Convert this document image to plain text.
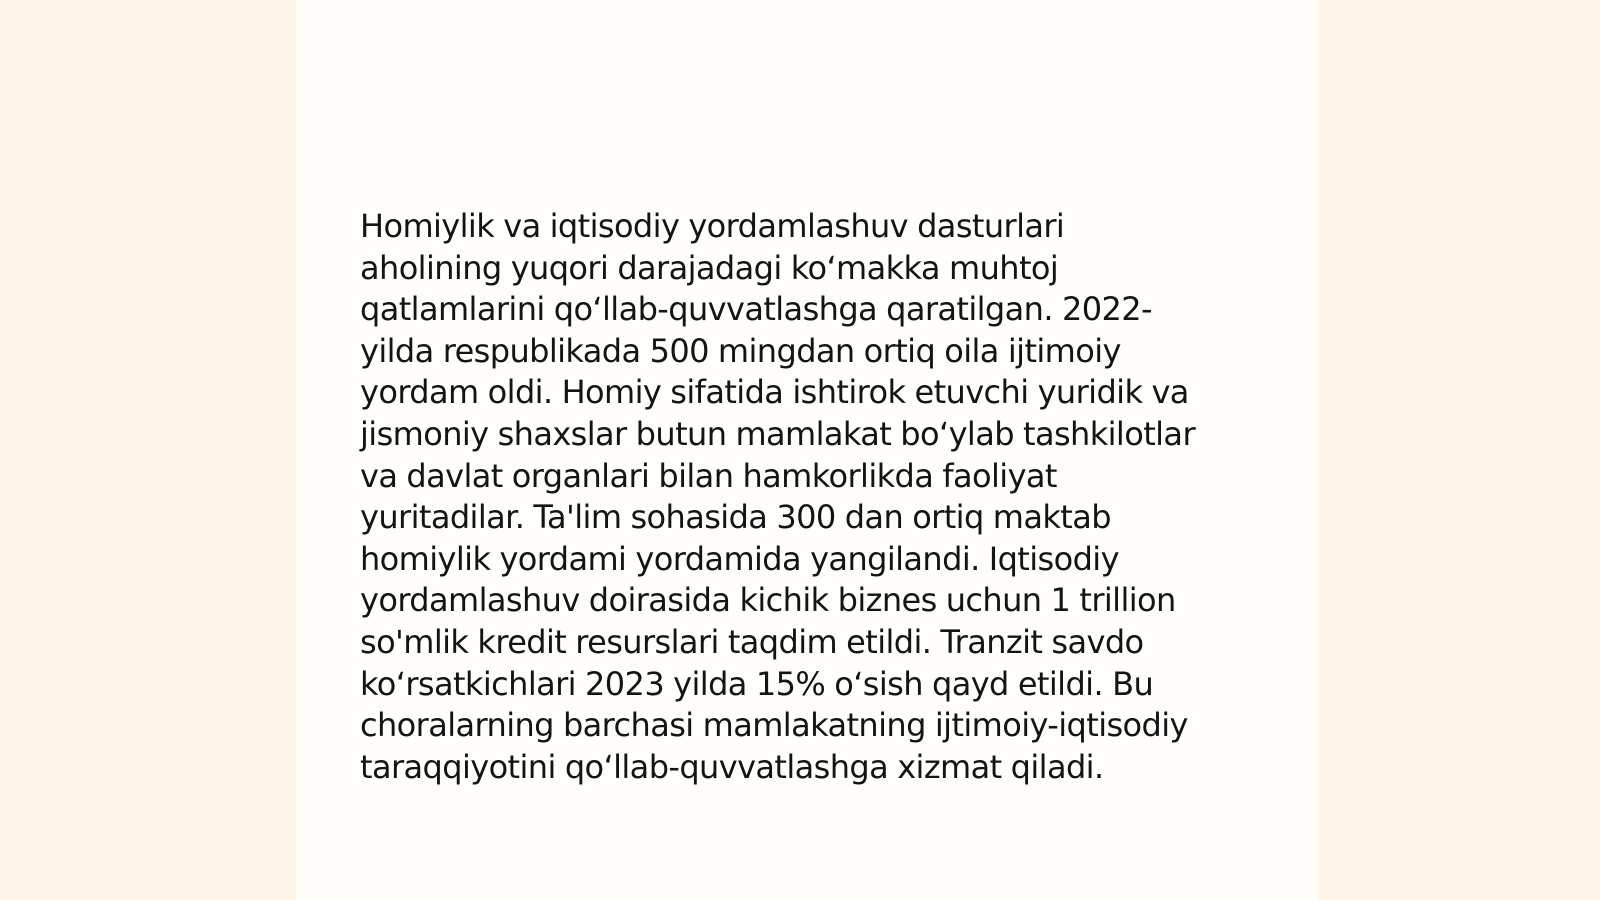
Homiylik va iqtisodiy yordamlashuv dasturlari
aholining yuqori darajadagi koʻmakka muhtoj
qatlamlarini qoʻllab-quvvatlashga qaratilgan. 2022-
yilda respublikada 500 mingdan ortiq oila ijtimoiy
yordam oldi. Homiy sifatida ishtirok etuvchi yuridik va
jismoniy shaxslar butun mamlakat boʻylab tashkilotlar
va davlat organlari bilan hamkorlikda faoliyat
yuritadilar. Ta'lim sohasida 300 dan ortiq maktab
homiylik yordami yordamida yangilandi. Iqtisodiy
yordamlashuv doirasida kichik biznes uchun 1 trillion
so'mlik kredit resurslari taqdim etildi. Tranzit savdo
koʻrsatkichlari 2023 yilda 15% oʻsish qayd etildi. Bu
choralarning barchasi mamlakatning ijtimoiy-iqtisodiy
taraqqiyotini qoʻllab-quvvatlashga xizmat qiladi.
